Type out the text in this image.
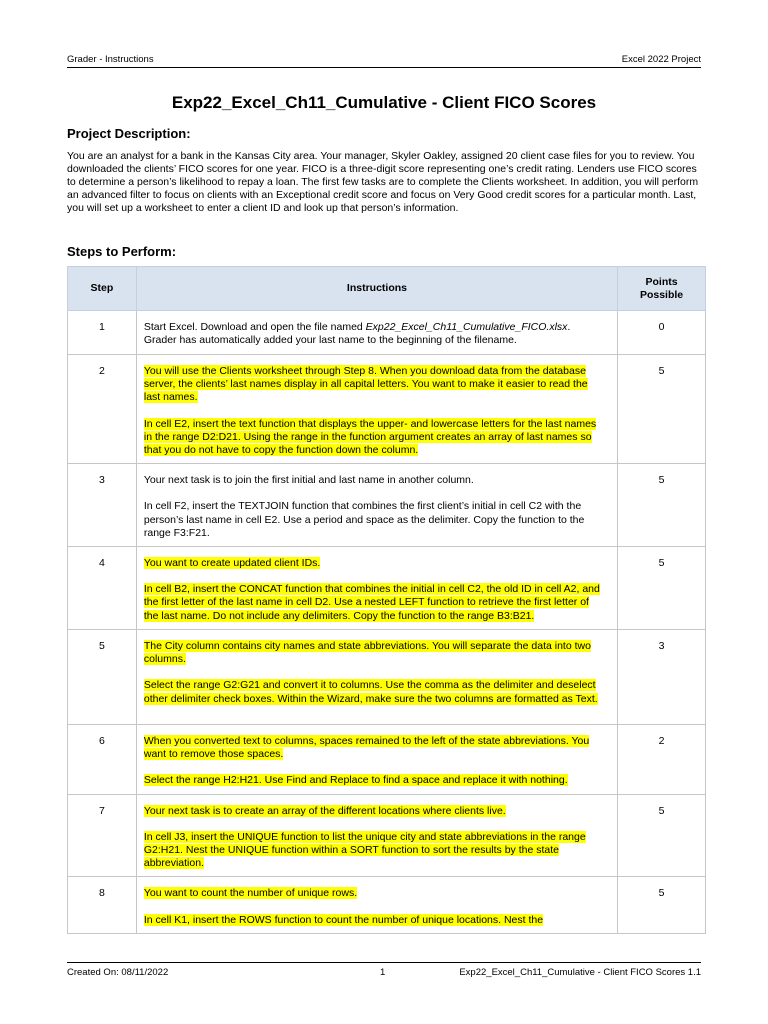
Grader - Instructions	Excel 2022 Project
Exp22_Excel_Ch11_Cumulative - Client FICO Scores
Project Description:

You are an analyst for a bank in the Kansas City area. Your manager, Skyler Oakley, assigned 20 client case files for you to review. You downloaded the clients’ FICO scores for one year. FICO is a three-digit score representing one’s credit rating. Lenders use FICO scores to determine a person’s likelihood to repay a loan. The first few tasks are to complete the Clients worksheet. In addition, you will perform an advanced filter to focus on clients with an Exceptional credit score and focus on Very Good credit scores for a particular month. Last, you will set up a worksheet to enter a client ID and look up that person’s information.

Steps to Perform:
Step	Instructions	Points
Possible
1	Start Excel. Download and open the file named Exp22_Excel_Ch11_Cumulative_FICO.xlsx. Grader has automatically added your last name to the beginning of the filename.	0
2	You will use the Clients worksheet through Step 8. When you download data from the database server, the clients’ last names display in all capital letters. You want to make it easier to read the last names.

In cell E2, insert the text function that displays the upper- and lowercase letters for the last names in the range D2:D21. Using the range in the function argument creates an array of last names so that you do not have to copy the function down the column.	5
3	Your next task is to join the first initial and last name in another column.

In cell F2, insert the TEXTJOIN function that combines the first client’s initial in cell C2 with the person’s last name in cell E2. Use a period and space as the delimiter. Copy the function to the range F3:F21.	5
4	You want to create updated client IDs.

In cell B2, insert the CONCAT function that combines the initial in cell C2, the old ID in cell A2, and the first letter of the last name in cell D2. Use a nested LEFT function to retrieve the first letter of the last name. Do not include any delimiters. Copy the function to the range B3:B21.	5
5	The City column contains city names and state abbreviations. You will separate the data into two columns.

Select the range G2:G21 and convert it to columns. Use the comma as the delimiter and deselect other delimiter check boxes. Within the Wizard, make sure the two columns are formatted as Text.	3
6	When you converted text to columns, spaces remained to the left of the state abbreviations. You want to remove those spaces.

Select the range H2:H21. Use Find and Replace to find a space and replace it with nothing.	2
7	Your next task is to create an array of the different locations where clients live.

In cell J3, insert the UNIQUE function to list the unique city and state abbreviations in the range G2:H21. Nest the UNIQUE function within a SORT function to sort the results by the state abbreviation.	5
8	You want to count the number of unique rows.

In cell K1, insert the ROWS function to count the number of unique locations. Nest the	5
Created On: 08/11/2022	1	Exp22_Excel_Ch11_Cumulative - Client FICO Scores 1.1
